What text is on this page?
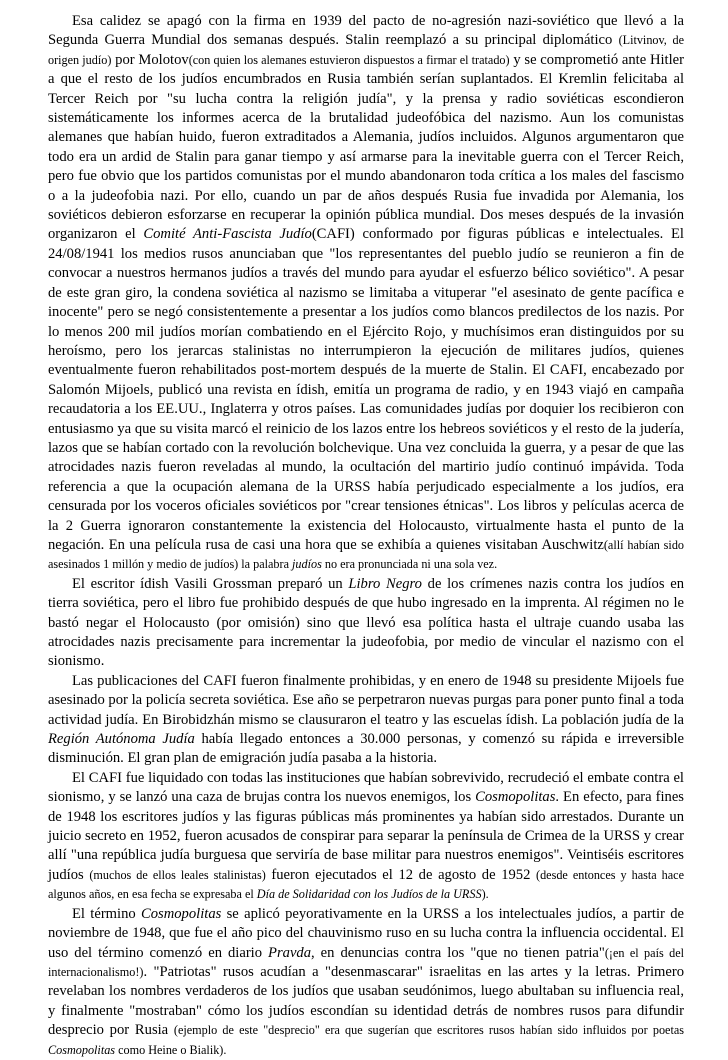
Esa calidez se apagó con la firma en 1939 del pacto de no-agresión nazi-soviético que llevó a la Segunda Guerra Mundial dos semanas después. Stalin reemplazó a su principal diplomático (Litvinov, de origen judío) por Molotov(con quien los alemanes estuvieron dispuestos a firmar el tratado) y se comprometió ante Hitler a que el resto de los judíos encumbrados en Rusia también serían suplantados. El Kremlin felicitaba al Tercer Reich por "su lucha contra la religión judía", y la prensa y radio soviéticas escondieron sistemáticamente los informes acerca de la brutalidad judeofóbica del nazismo. Aun los comunistas alemanes que habían huido, fueron extraditados a Alemania, judíos incluidos. Algunos argumentaron que todo era un ardid de Stalin para ganar tiempo y así armarse para la inevitable guerra con el Tercer Reich, pero fue obvio que los partidos comunistas por el mundo abandonaron toda crítica a los males del fascismo o a la judeofobia nazi. Por ello, cuando un par de años después Rusia fue invadida por Alemania, los soviéticos debieron esforzarse en recuperar la opinión pública mundial. Dos meses después de la invasión organizaron el Comité Anti-Fascista Judío(CAFI) conformado por figuras públicas e intelectuales. El 24/08/1941 los medios rusos anunciaban que "los representantes del pueblo judío se reunieron a fin de convocar a nuestros hermanos judíos a través del mundo para ayudar el esfuerzo bélico soviético". A pesar de este gran giro, la condena soviética al nazismo se limitaba a vituperar "el asesinato de gente pacífica e inocente" pero se negó consistentemente a presentar a los judíos como blancos predilectos de los nazis. Por lo menos 200 mil judíos morían combatiendo en el Ejército Rojo, y muchísimos eran distinguidos por su heroísmo, pero los jerarcas stalinistas no interrumpieron la ejecución de militares judíos, quienes eventualmente fueron rehabilitados post-mortem después de la muerte de Stalin. El CAFI, encabezado por Salomón Mijoels, publicó una revista en ídish, emitía un programa de radio, y en 1943 viajó en campaña recaudatoria a los EE.UU., Inglaterra y otros países. Las comunidades judías por doquier los recibieron con entusiasmo ya que su visita marcó el reinicio de los lazos entre los hebreos soviéticos y el resto de la judería, lazos que se habían cortado con la revolución bolchevique. Una vez concluida la guerra, y a pesar de que las atrocidades nazis fueron reveladas al mundo, la ocultación del martirio judío continuó impávida. Toda referencia a que la ocupación alemana de la URSS había perjudicado especialmente a los judíos, era censurada por los voceros oficiales soviéticos por "crear tensiones étnicas". Los libros y películas acerca de la 2 Guerra ignoraron constantemente la existencia del Holocausto, virtualmente hasta el punto de la negación. En una película rusa de casi una hora que se exhibía a quienes visitaban Auschwitz(allí habían sido asesinados 1 millón y medio de judíos) la palabra judíos no era pronunciada ni una sola vez.

El escritor ídish Vasili Grossman preparó un Libro Negro de los crímenes nazis contra los judíos en tierra soviética, pero el libro fue prohibido después de que hubo ingresado en la imprenta. Al régimen no le bastó negar el Holocausto (por omisión) sino que llevó esa política hasta el ultraje cuando usaba las atrocidades nazis precisamente para incrementar la judeofobia, por medio de vincular el nazismo con el sionismo.

Las publicaciones del CAFI fueron finalmente prohibidas, y en enero de 1948 su presidente Mijoels fue asesinado por la policía secreta soviética. Ese año se perpetraron nuevas purgas para poner punto final a toda actividad judía. En Birobidzhán mismo se clausuraron el teatro y las escuelas ídish. La población judía de la Región Autónoma Judía había llegado entonces a 30.000 personas, y comenzó su rápida e irreversible disminución. El gran plan de emigración judía pasaba a la historia.

El CAFI fue liquidado con todas las instituciones que habían sobrevivido, recrudeció el embate contra el sionismo, y se lanzó una caza de brujas contra los nuevos enemigos, los Cosmopolitas. En efecto, para fines de 1948 los escritores judíos y las figuras públicas más prominentes ya habían sido arrestados. Durante un juicio secreto en 1952, fueron acusados de conspirar para separar la península de Crimea de la URSS y crear allí "una república judía burguesa que serviría de base militar para nuestros enemigos". Veintiséis escritores judíos (muchos de ellos leales stalinistas) fueron ejecutados el 12 de agosto de 1952 (desde entonces y hasta hace algunos años, en esa fecha se expresaba el Día de Solidaridad con los Judíos de la URSS).

El término Cosmopolitas se aplicó peyorativamente en la URSS a los intelectuales judíos, a partir de noviembre de 1948, que fue el año pico del chauvinismo ruso en su lucha contra la influencia occidental. El uso del término comenzó en diario Pravda, en denuncias contra los "que no tienen patria"(¡en el país del internacionalismo!). "Patriotas" rusos acudían a "desenmascarar" israelitas en las artes y la letras. Primero revelaban los nombres verdaderos de los judíos que usaban seudónimos, luego abultaban su influencia real, y finalmente "mostraban" cómo los judíos escondían su identidad detrás de nombres rusos para difundir desprecio por Rusia (ejemplo de este "desprecio" era que sugerían que escritores rusos habían sido influidos por poetas Cosmopolitas como Heine o Bialik).
